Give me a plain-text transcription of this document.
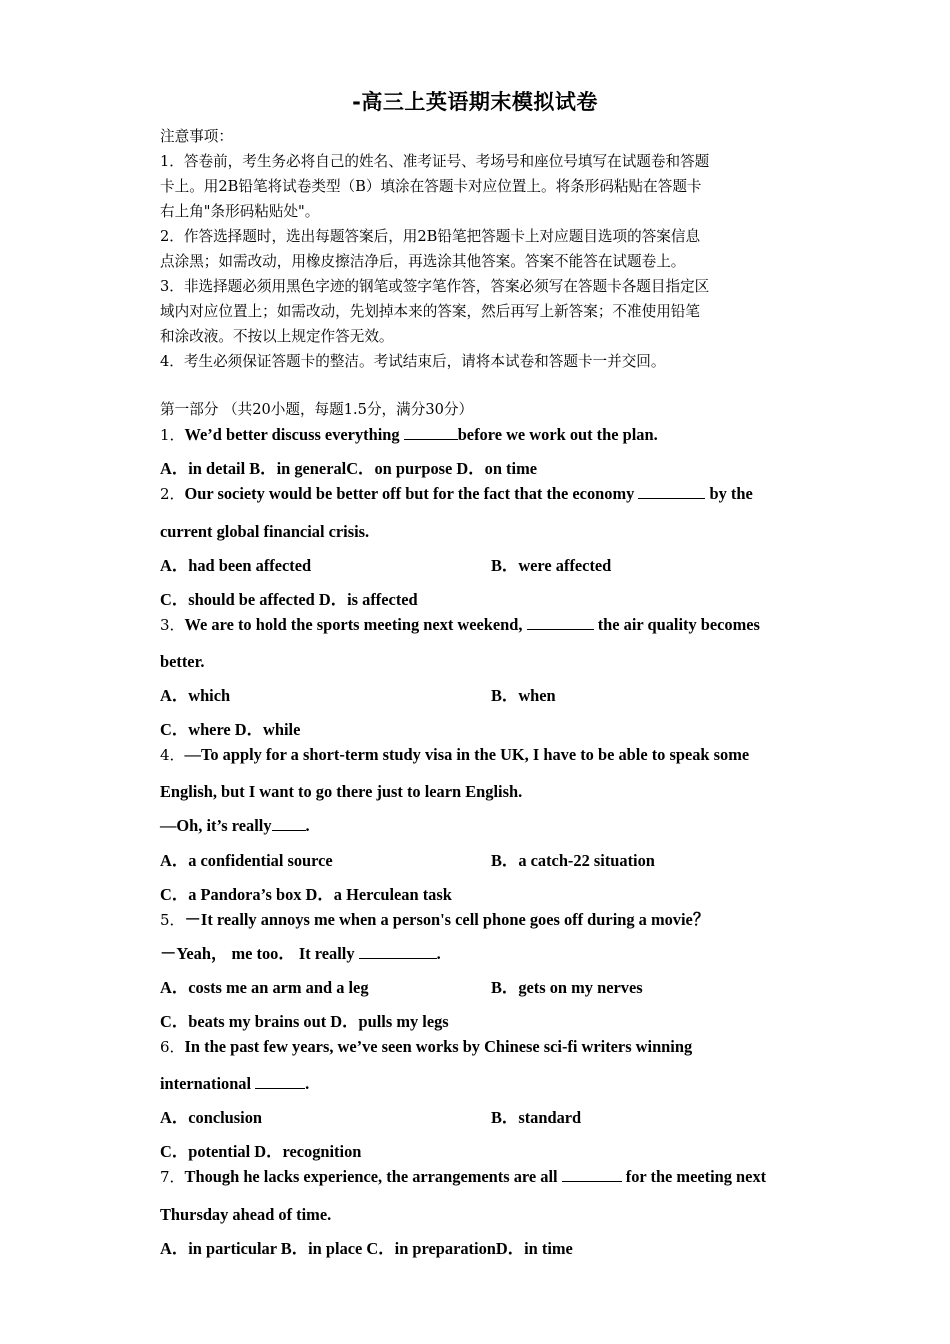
-高三上英语期末模拟试卷

注意事项：

1．答卷前，考生务必将自己的姓名、准考证号、考场号和座位号填写在试题卷和答题

卡上。用2B铅笔将试卷类型（B）填涂在答题卡对应位置上。将条形码粘贴在答题卡

右上角"条形码粘贴处"。

2．作答选择题时，选出每题答案后，用2B铅笔把答题卡上对应题目选项的答案信息

点涂黑；如需改动，用橡皮擦洁净后，再选涂其他答案。答案不能答在试题卷上。

3．非选择题必须用黑色字迹的钢笔或签字笔作答，答案必须写在答题卡各题目指定区

域内对应位置上；如需改动，先划掉本来的答案，然后再写上新答案；不准使用铅笔

和涂改液。不按以上规定作答无效。

4．考生必须保证答题卡的整洁。考试结束后，请将本试卷和答题卡一并交回。

第一部分 （共20小题，每题1.5分，满分30分）
1．We’d better discuss everything	before we work out the plan.
A．in detail B．in generalC．on purpose D．on time
2．Our society would be better off but for the fact that the economy	by the
current global financial crisis.
A．had been affected	B．were affected
C．should be affected D．is affected
3．We are to hold the sports meeting next weekend,	the air quality becomes
better.
A．which	B．when
C．where D．while
4．—To apply for a short-term study visa in the UK, I have to be able to speak some
English, but I want to go there just to learn English.
—Oh, it’s really .
A．a confidential source	B．a catch-22 situation
C．a Pandora’s box D．a Herculean task
5．－It really annoys me when a person's cell phone goes off during a movie？
－Yeah， me too． It really	.
A．costs me an arm and a leg	B．gets on my nerves
C．beats my brains out D．pulls my legs
6．In the past few years, we’ve seen works by Chinese sci-fi writers winning
international	.
A．conclusion	B．standard
C．potential D．recognition
7．Though he lacks experience, the arrangements are all	for the meeting next
Thursday ahead of time.
A．in particular B．in place C．in preparationD．in time
